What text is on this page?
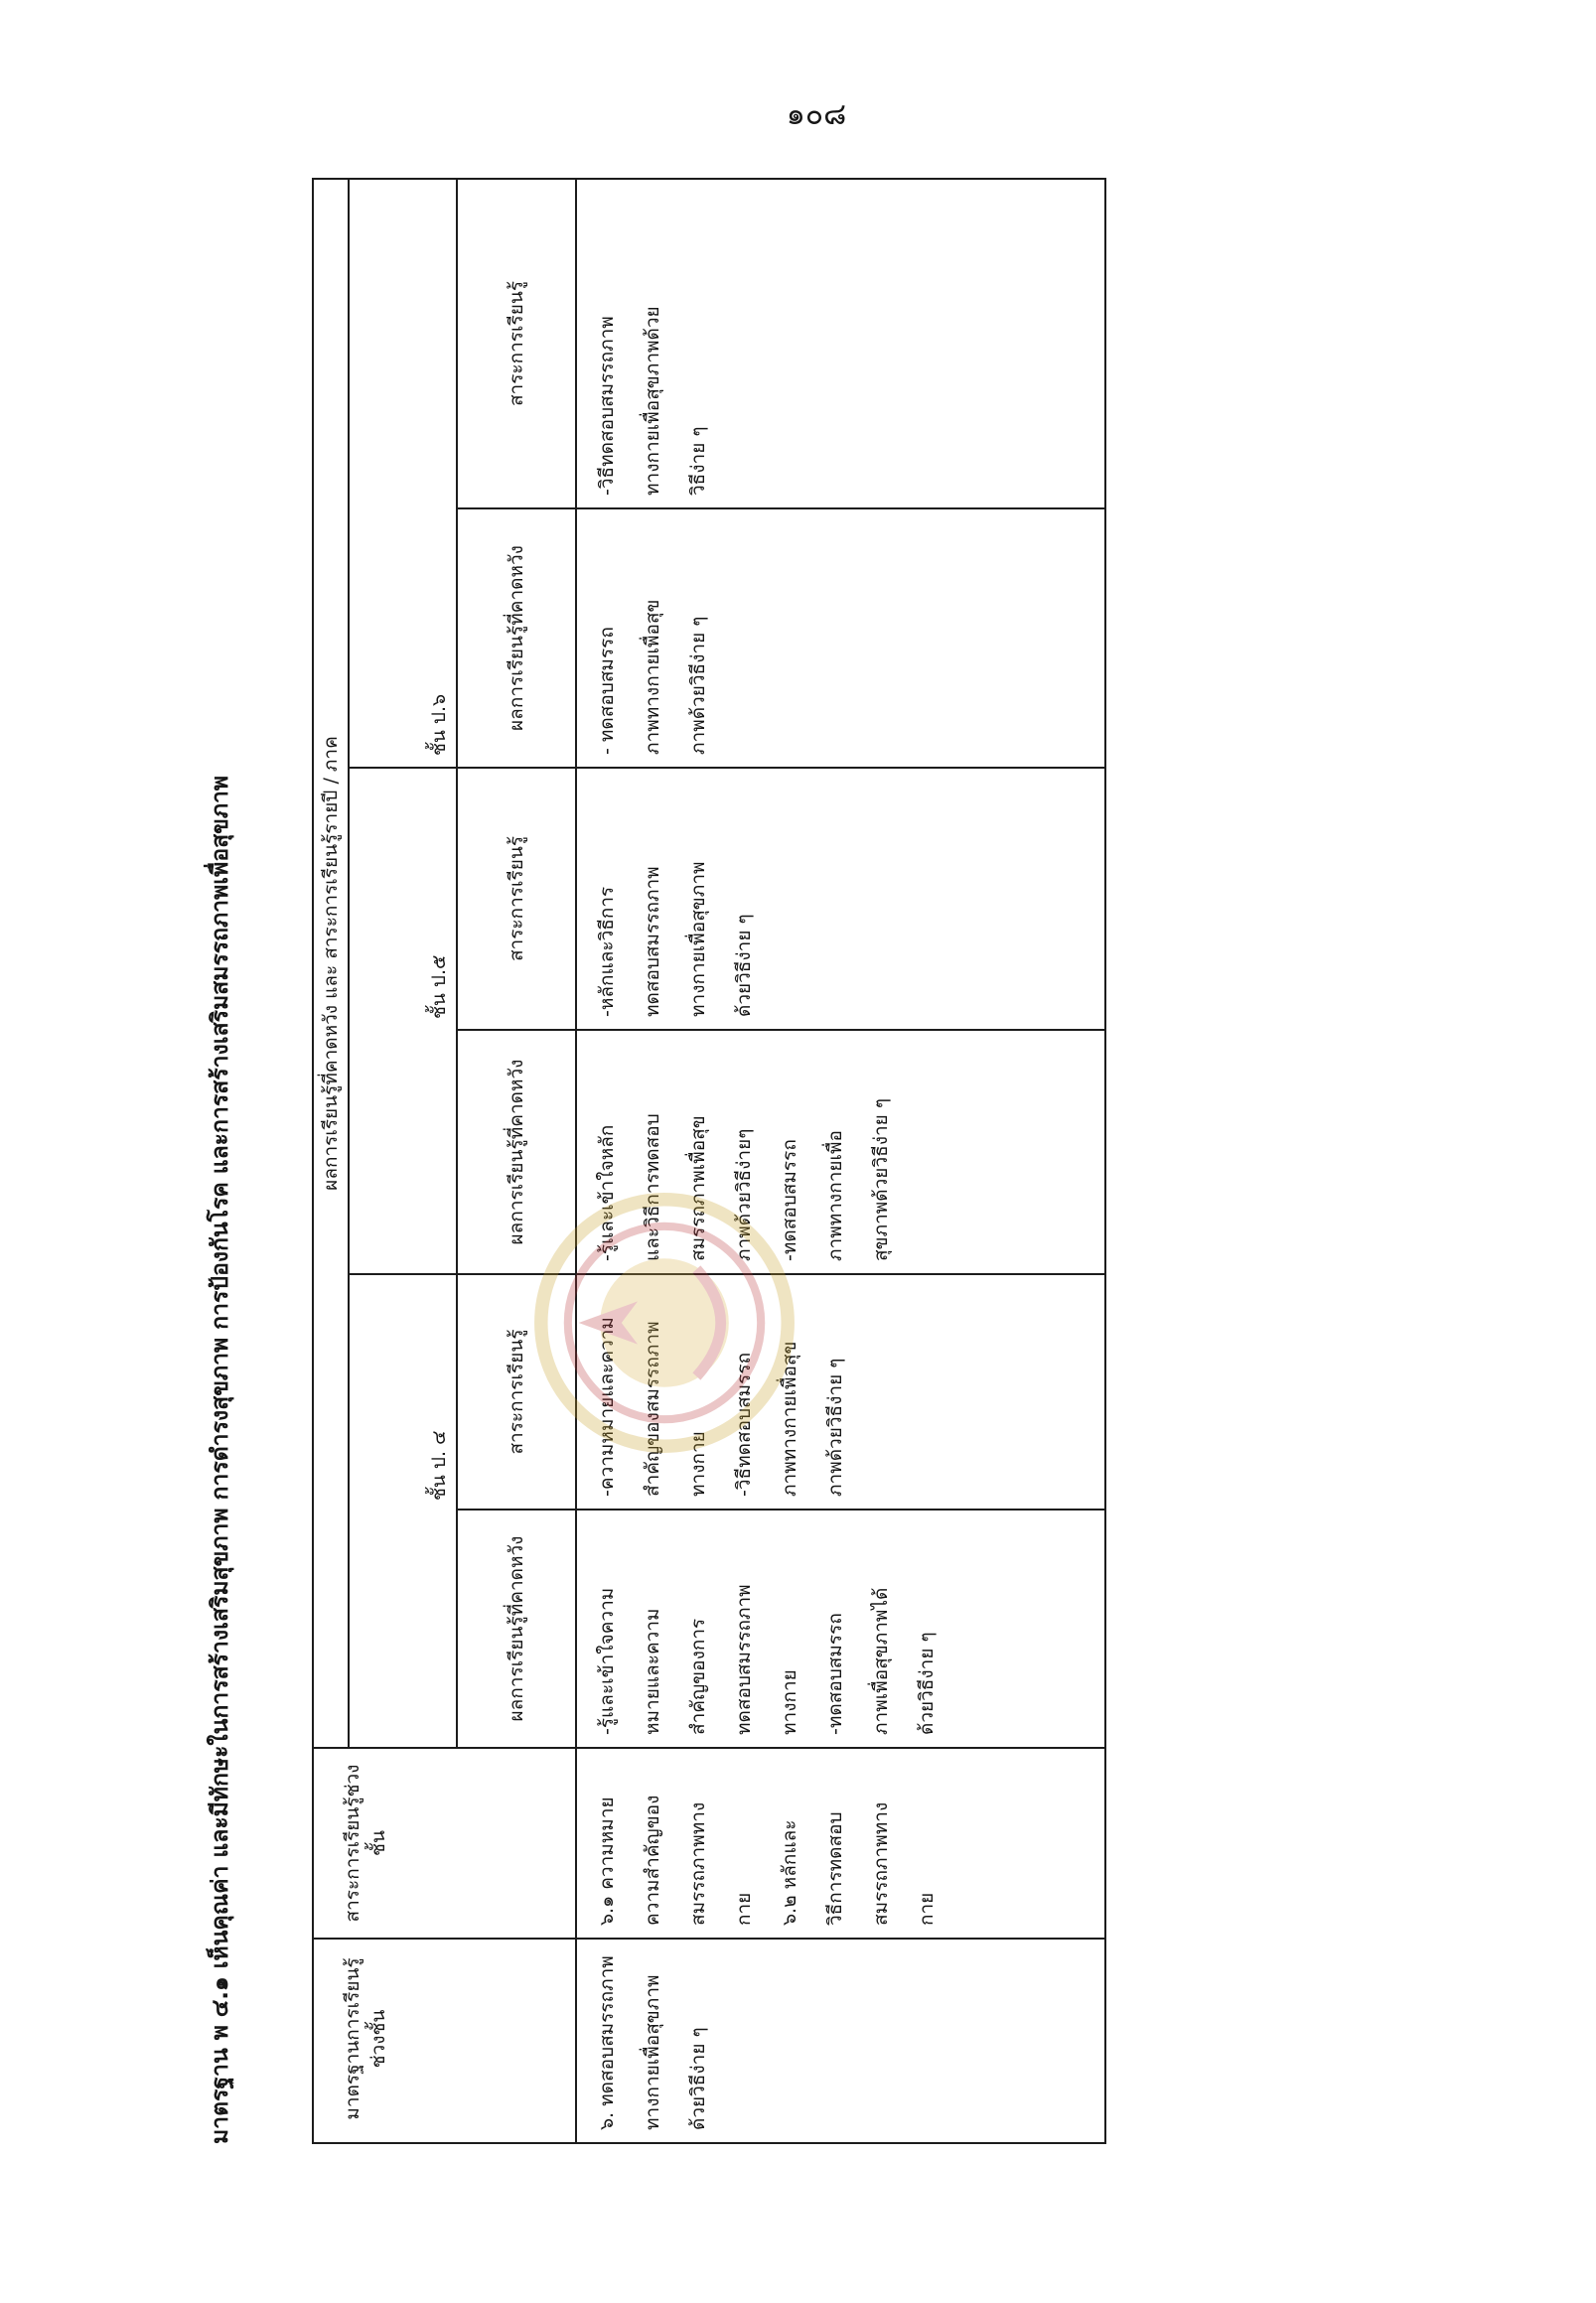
๑๐๘
มาตรฐาน พ ๔.๑ เห็นคุณค่า และมีทักษะในการสร้างเสริมสุขภาพ การดำรงสุขภาพ การป้องกันโรค และการสร้างเสริมสมรรถภาพเพื่อสุขภาพ	มาตรฐานการเรียนรู้ช่วงชั้น
สาระการเรียนรู้ช่วงชั้น
ผลการเรียนรู้ที่คาดหวัง และ สาระการเรียนรู้รายปี / ภาค
ชั้น ป. ๔
ชั้น ป.๕
ชั้น ป.๖
ผลการเรียนรู้ที่คาดหวัง
สาระการเรียนรู้
ผลการเรียนรู้ที่คาดหวัง
สาระการเรียนรู้
ผลการเรียนรู้ที่คาดหวัง
สาระการเรียนรู้
๖. ทดสอบสมรรถภาพทางกายเพื่อสุขภาพด้วยวิธีง่าย ๆ
๖.๑ ความหมาย
ความสำคัญของ
สมรรถภาพทาง
กาย
๖.๒ หลักและ
วิธีการทดสอบ
สมรรถภาพทาง
กาย
-รู้และเข้าใจความ
หมายและความ
สำคัญของการ
ทดสอบสมรรถภาพ
ทางกาย
-ทดสอบสมรรถ
ภาพเพื่อสุขภาพได้
ด้วยวิธีง่าย ๆ
-ความหมายและความ
สำคัญของสมรรถภาพ
ทางกาย
-วิธีทดสอบสมรรถ
ภาพทางกายเพื่อสุข
ภาพด้วยวิธีง่าย ๆ
-รู้และเข้าใจหลัก
และวิธีการทดสอบ
สมรรถภาพเพื่อสุข
ภาพด้วยวิธีง่ายๆ
-ทดสอบสมรรถ
ภาพทางกายเพื่อ
สุขภาพด้วยวิธีง่าย ๆ
-หลักและวิธีการ
ทดสอบสมรรถภาพ
ทางกายเพื่อสุขภาพ
ด้วยวิธีง่าย ๆ
- ทดสอบสมรรถ
ภาพทางกายเพื่อสุข
ภาพด้วยวิธีง่าย ๆ
-วิธีทดสอบสมรรถภาพ
ทางกายเพื่อสุขภาพด้วย
วิธีง่าย ๆ
